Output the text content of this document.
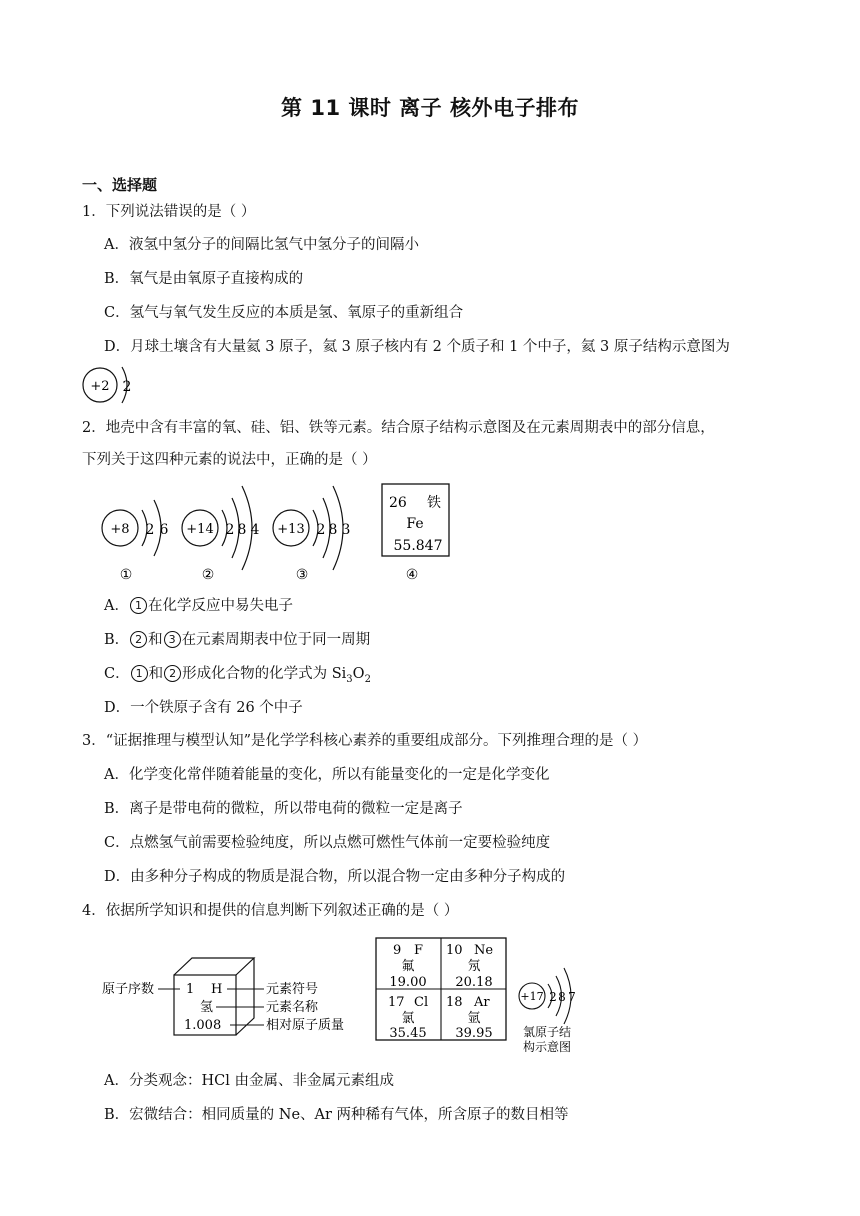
第 11 课时 离子 核外电子排布
一、选择题
1．下列说法错误的是（ ）
A．液氢中氢分子的间隔比氢气中氢分子的间隔小
B．氧气是由氧原子直接构成的
C．氢气与氧气发生反应的本质是氢、氧原子的重新组合
D．月球土壤含有大量氦 3 原子，氦 3 原子核内有 2 个质子和 1 个中子，氦 3 原子结构示意图为
+2 2
2．地壳中含有丰富的氧、硅、铝、铁等元素。结合原子结构示意图及在元素周期表中的部分信息，
下列关于这四种元素的说法中，正确的是（ ）
+8 2 6
①
+14 2 8 4
②
+13 2 8 3
③
26 铁
Fe
55.847
④
A． 1 在化学反应中易失电子
B． 2 和 3 在元素周期表中位于同一周期
C． 1 和 2 形成化合物的化学式为 $Si_3O_2$
D．一个铁原子含有 26 个中子
3．“证据推理与模型认知”是化学学科核心素养的重要组成部分。下列推理合理的是（ ）
A．化学变化常伴随着能量的变化，所以有能量变化的一定是化学变化
B．离子是带电荷的微粒，所以带电荷的微粒一定是离子
C．点燃氢气前需要检验纯度，所以点燃可燃性气体前一定要检验纯度
D．由多种分子构成的物质是混合物，所以混合物一定由多种分子构成的
4．依据所学知识和提供的信息判断下列叙述正确的是（ ）
原子序数 1 H
氢
1.008
元素符号
元素名称
相对原子质量
9 F
氟
19.00
10 Ne
氖
20.18
17 Cl
氯
35.45
18 Ar
氩
39.95
+17 2 8 7
氯原子结
构示意图
A．分类观念：HCl 由金属、非金属元素组成
B．宏微结合：相同质量的 Ne、Ar 两种稀有气体，所含原子的数目相等
